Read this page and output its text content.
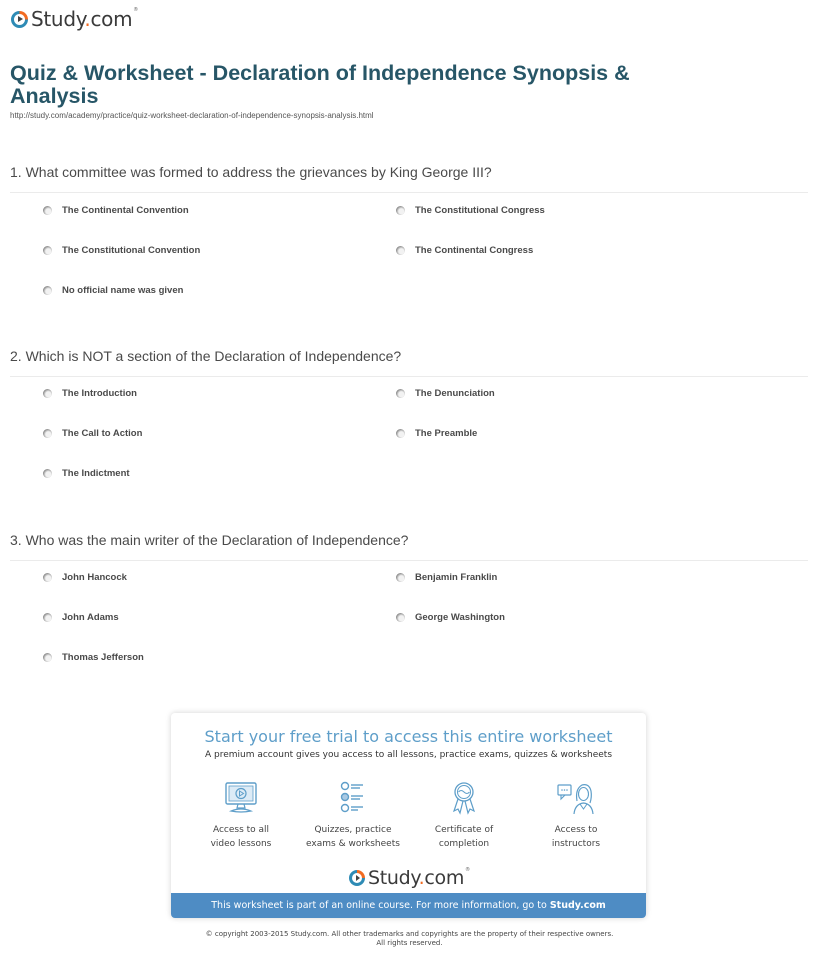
Study.com®
Quiz & Worksheet - Declaration of Independence Synopsis & Analysis
http://study.com/academy/practice/quiz-worksheet-declaration-of-independence-synopsis-analysis.html
1. What committee was formed to address the grievances by King George III?
The Continental Convention	The Constitutional Congress
The Constitutional Convention	The Continental Congress
No official name was given
2. Which is NOT a section of the Declaration of Independence?
The Introduction	The Denunciation
The Call to Action	The Preamble
The Indictment
3. Who was the main writer of the Declaration of Independence?
John Hancock	Benjamin Franklin
John Adams	George Washington
Thomas Jefferson
Start your free trial to access this entire worksheet
A premium account gives you access to all lessons, practice exams, quizzes & worksheets
Access to all
video lessons
Quizzes, practice
exams & worksheets
Certificate of
completion
Access to
instructors
Study.com®
This worksheet is part of an online course. For more information, go to Study.com
© copyright 2003-2015 Study.com. All other trademarks and copyrights are the property of their respective owners.
All rights reserved.
